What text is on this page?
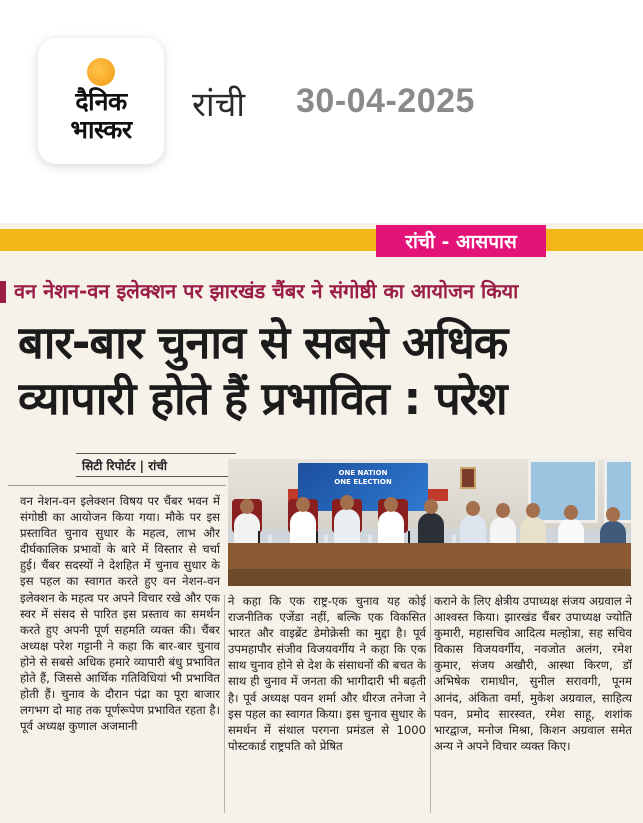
दैनिक
भास्कर
रांची 30-04-2025
रांची - आसपास
वन नेशन-वन इलेक्शन पर झारखंड चैंबर ने संगोष्ठी का आयोजन किया
बार-बार चुनाव से सबसे अधिक
व्यापारी होते हैं प्रभावित : परेश
सिटी रिपोर्टर | रांची
ONE NATION
ONE ELECTION
वन नेशन-वन इलेक्शन विषय पर चैंबर भवन में संगोष्ठी का आयोजन किया गया। मौके पर इस प्रस्तावित चुनाव सुधार के महत्व, लाभ और दीर्घकालिक प्रभावों के बारे में विस्तार से चर्चा हुई। चैंबर सदस्यों ने देशहित में चुनाव सुधार के इस पहल का स्वागत करते हुए वन नेशन-वन इलेक्शन के महत्व पर अपने विचार रखे और एक स्वर में संसद से पारित इस प्रस्ताव का समर्थन करते हुए अपनी पूर्ण सहमति व्यक्त की। चैंबर अध्यक्ष परेश गट्टानी ने कहा कि बार-बार चुनाव होने से सबसे अधिक हमारे व्यापारी बंधु प्रभावित होते हैं, जिससे आर्थिक गतिविधियां भी प्रभावित होती हैं। चुनाव के दौरान पंद्रा का पूरा बाजार लगभग दो माह तक पूर्णरूपेण प्रभावित रहता है। पूर्व अध्यक्ष कुणाल अजमानी
ने कहा कि एक राष्ट्र-एक चुनाव यह कोई राजनीतिक एजेंडा नहीं, बल्कि एक विकसित भारत और वाइब्रेंट डेमोक्रेसी का मुद्दा है। पूर्व उपमहापौर संजीव विजयवर्गीय ने कहा कि एक साथ चुनाव होने से देश के संसाधनों की बचत के साथ ही चुनाव में जनता की भागीदारी भी बढ़ती है। पूर्व अध्यक्ष पवन शर्मा और धीरज तनेजा ने इस पहल का स्वागत किया। इस चुनाव सुधार के समर्थन में संथाल परगना प्रमंडल से 1000 पोस्टकार्ड राष्ट्रपति को प्रेषित
कराने के लिए क्षेत्रीय उपाध्यक्ष संजय अग्रवाल ने आश्वस्त किया। झारखंड चैंबर उपाध्यक्ष ज्योति कुमारी, महासचिव आदित्य मल्होत्रा, सह सचिव विकास विजयवर्गीय, नवजोत अलंग, रमेश कुमार, संजय अखौरी, आस्था किरण, डॉ अभिषेक रामाधीन, सुनील सरावगी, पूनम आनंद, अंकिता वर्मा, मुकेश अग्रवाल, साहित्य पवन, प्रमोद सारस्वत, रमेश साहू, शशांक भारद्वाज, मनोज मिश्रा, किशन अग्रवाल समेत अन्य ने अपने विचार व्यक्त किए।
